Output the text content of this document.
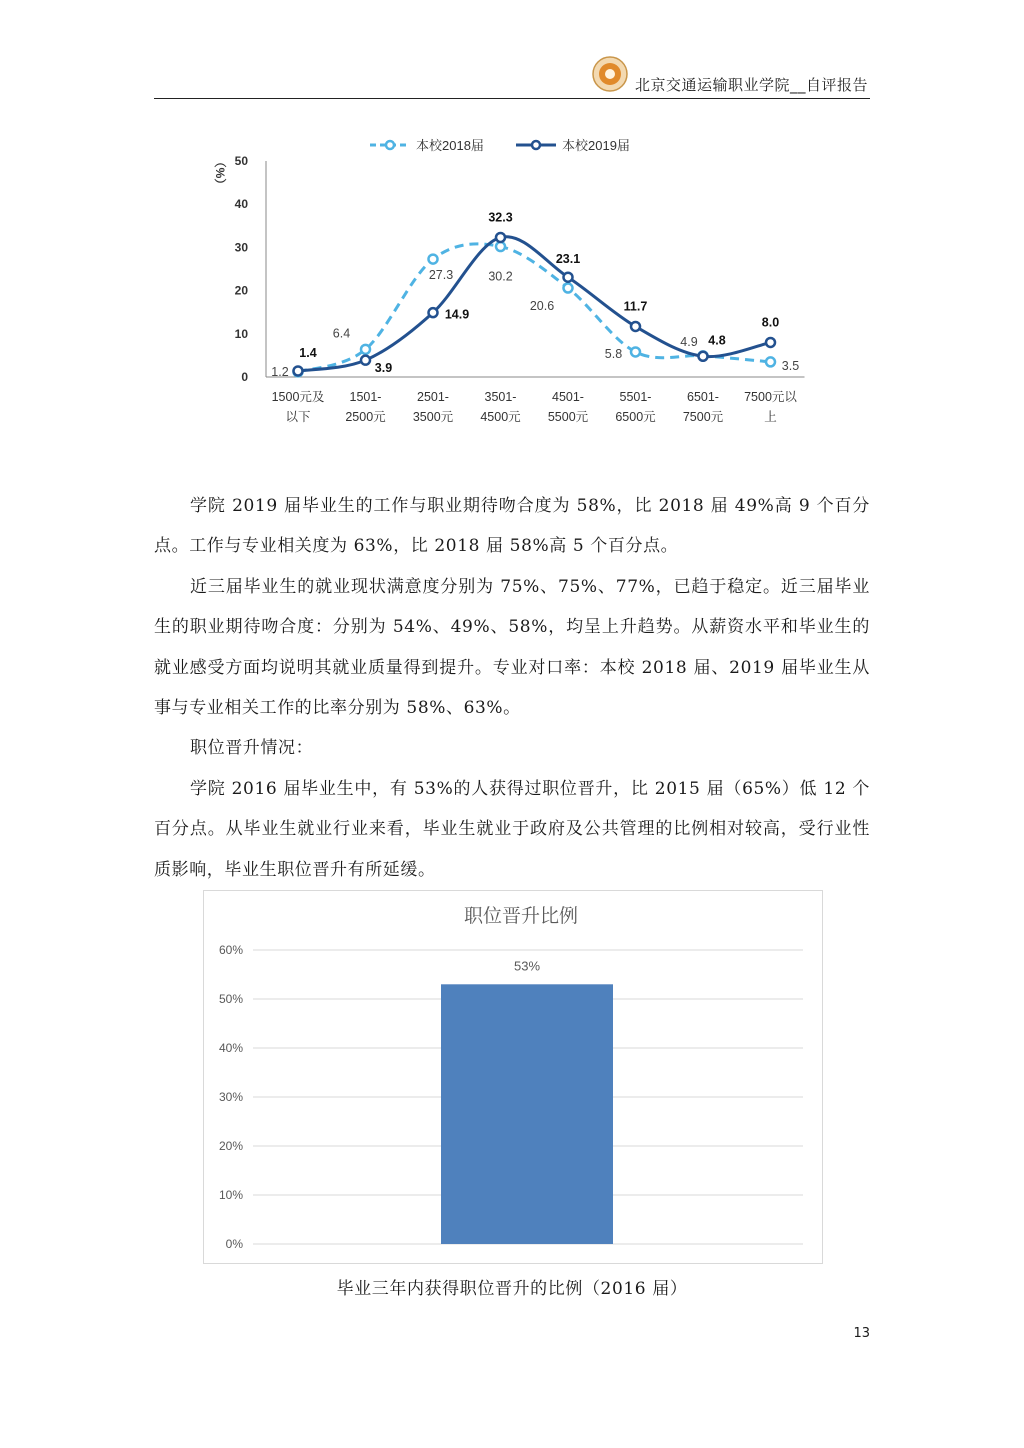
北京交通运输职业学院__自评报告
0
10
20
30
40
50
（%）
1500元及
以下
1501-
2500元
2501-
3500元
3501-
4500元
4501-
5500元
5501-
6500元
6501-
7500元
7500元以
上
本校2018届	本校2019届
1.2
6.4
27.3	30.2
20.6
5.8
4.9
3.5
1.4
3.9
14.9
32.3
23.1
11.7
4.8
8.0

学院 2019 届毕业生的工作与职业期待吻合度为 58%，比 2018 届 49%高 9 个百分点。工作与专业相关度为 63%，比 2018 届 58%高 5 个百分点。

近三届毕业生的就业现状满意度分别为 75%、75%、77%，已趋于稳定。近三届毕业生的职业期待吻合度：分别为 54%、49%、58%，均呈上升趋势。从薪资水平和毕业生的就业感受方面均说明其就业质量得到提升。专业对口率：本校 2018 届、2019 届毕业生从事与专业相关工作的比率分别为 58%、63%。

职位晋升情况：

学院 2016 届毕业生中，有 53%的人获得过职位晋升，比 2015 届（65%）低 12 个百分点。从毕业生就业行业来看，毕业生就业于政府及公共管理的比例相对较高，受行业性质影响，毕业生职位晋升有所延缓。

职位晋升比例
0%
10%
20%
30%
40%
50%
60%
53%
毕业三年内获得职位晋升的比例（2016 届）
13
